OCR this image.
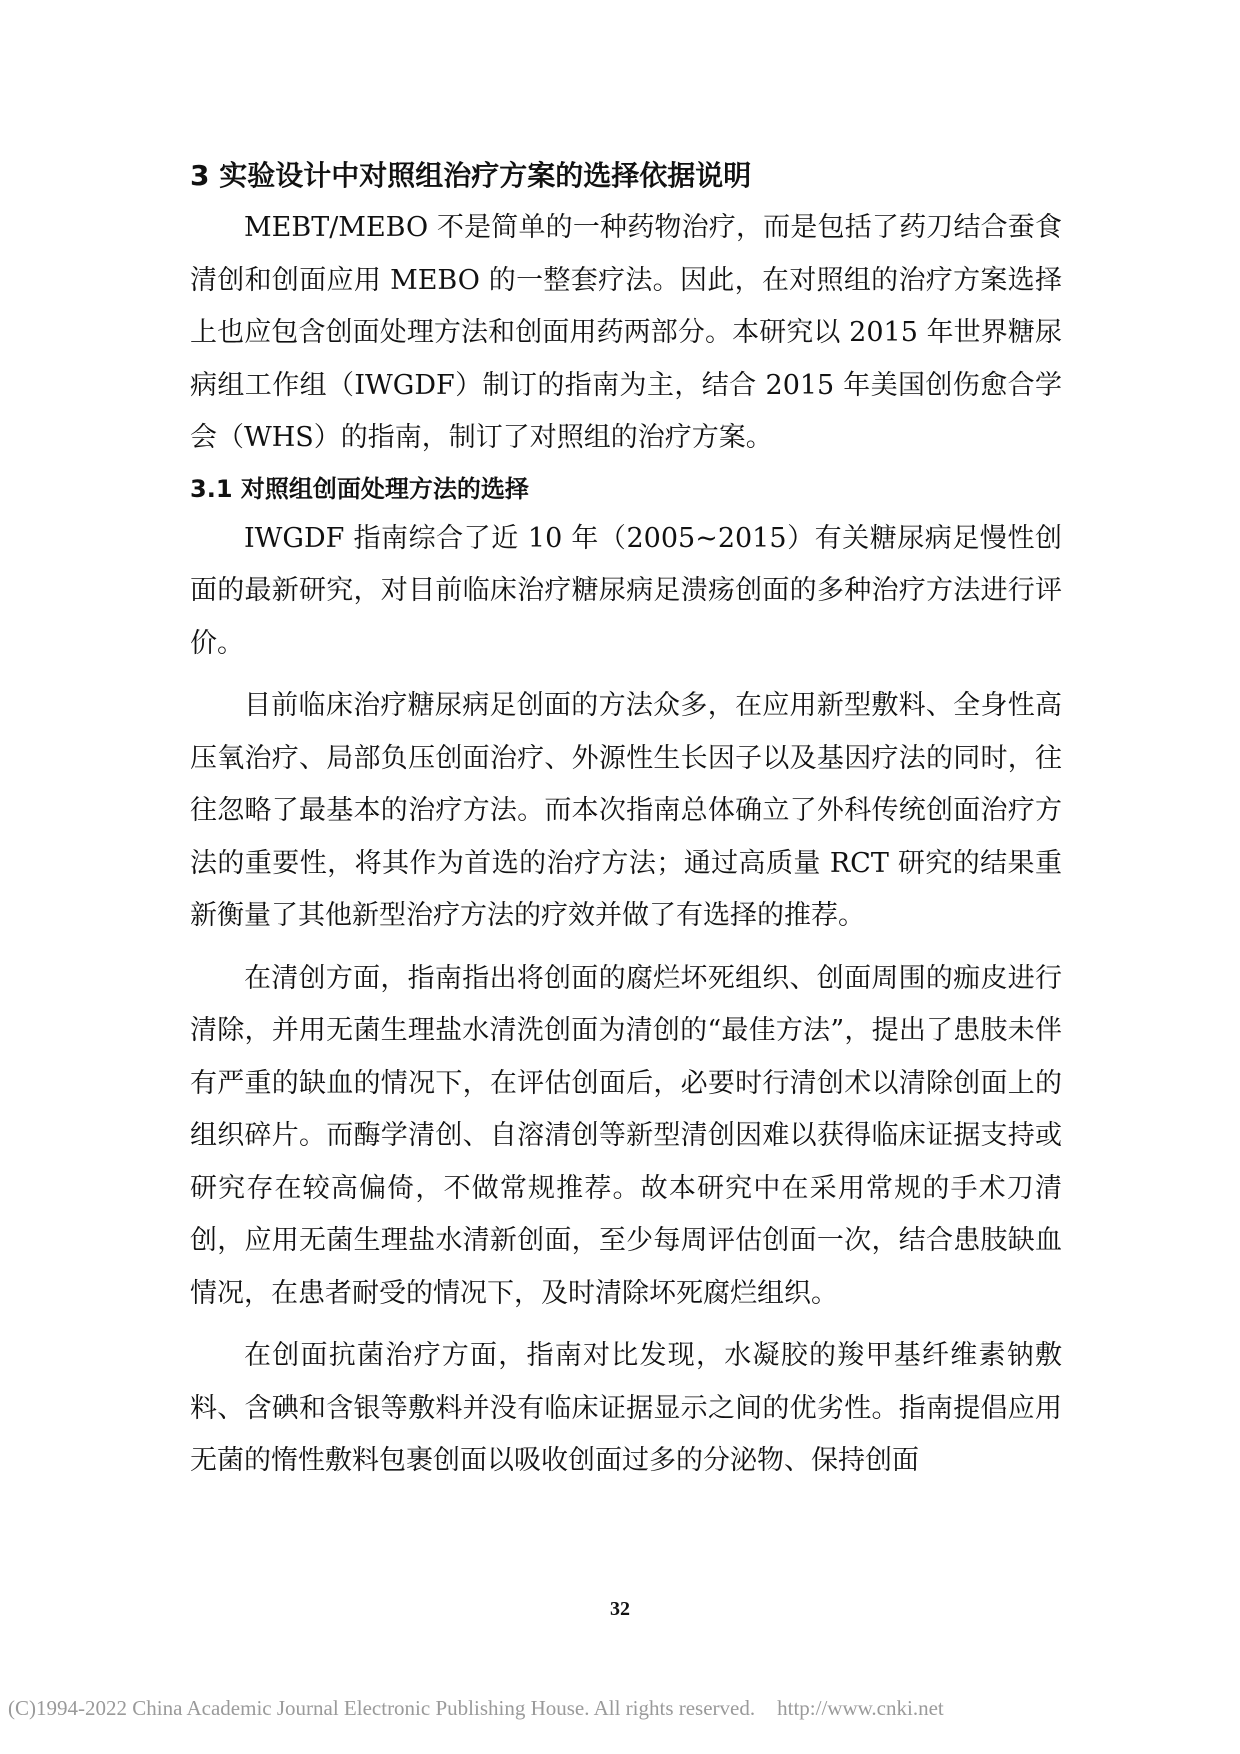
3 实验设计中对照组治疗方案的选择依据说明

MEBT/MEBO 不是简单的一种药物治疗，而是包括了药刀结合蚕食清创和创面应用 MEBO 的一整套疗法。因此，在对照组的治疗方案选择上也应包含创面处理方法和创面用药两部分。本研究以 2015 年世界糖尿病组工作组（IWGDF）制订的指南为主，结合 2015 年美国创伤愈合学会（WHS）的指南，制订了对照组的治疗方案。

3.1 对照组创面处理方法的选择

IWGDF 指南综合了近 10 年（2005~2015）有关糖尿病足慢性创面的最新研究，对目前临床治疗糖尿病足溃疡创面的多种治疗方法进行评价。

目前临床治疗糖尿病足创面的方法众多，在应用新型敷料、全身性高压氧治疗、局部负压创面治疗、外源性生长因子以及基因疗法的同时，往往忽略了最基本的治疗方法。而本次指南总体确立了外科传统创面治疗方法的重要性，将其作为首选的治疗方法；通过高质量 RCT 研究的结果重新衡量了其他新型治疗方法的疗效并做了有选择的推荐。

在清创方面，指南指出将创面的腐烂坏死组织、创面周围的痂皮进行清除，并用无菌生理盐水清洗创面为清创的“最佳方法”，提出了患肢未伴有严重的缺血的情况下，在评估创面后，必要时行清创术以清除创面上的组织碎片。而酶学清创、自溶清创等新型清创因难以获得临床证据支持或研究存在较高偏倚，不做常规推荐。故本研究中在采用常规的手术刀清创，应用无菌生理盐水清新创面，至少每周评估创面一次，结合患肢缺血情况，在患者耐受的情况下，及时清除坏死腐烂组织。

在创面抗菌治疗方面，指南对比发现，水凝胶的羧甲基纤维素钠敷料、含碘和含银等敷料并没有临床证据显示之间的优劣性。指南提倡应用无菌的惰性敷料包裹创面以吸收创面过多的分泌物、保持创面

32
(C)1994-2022 China Academic Journal Electronic Publishing House. All rights reserved. http://www.cnki.net
